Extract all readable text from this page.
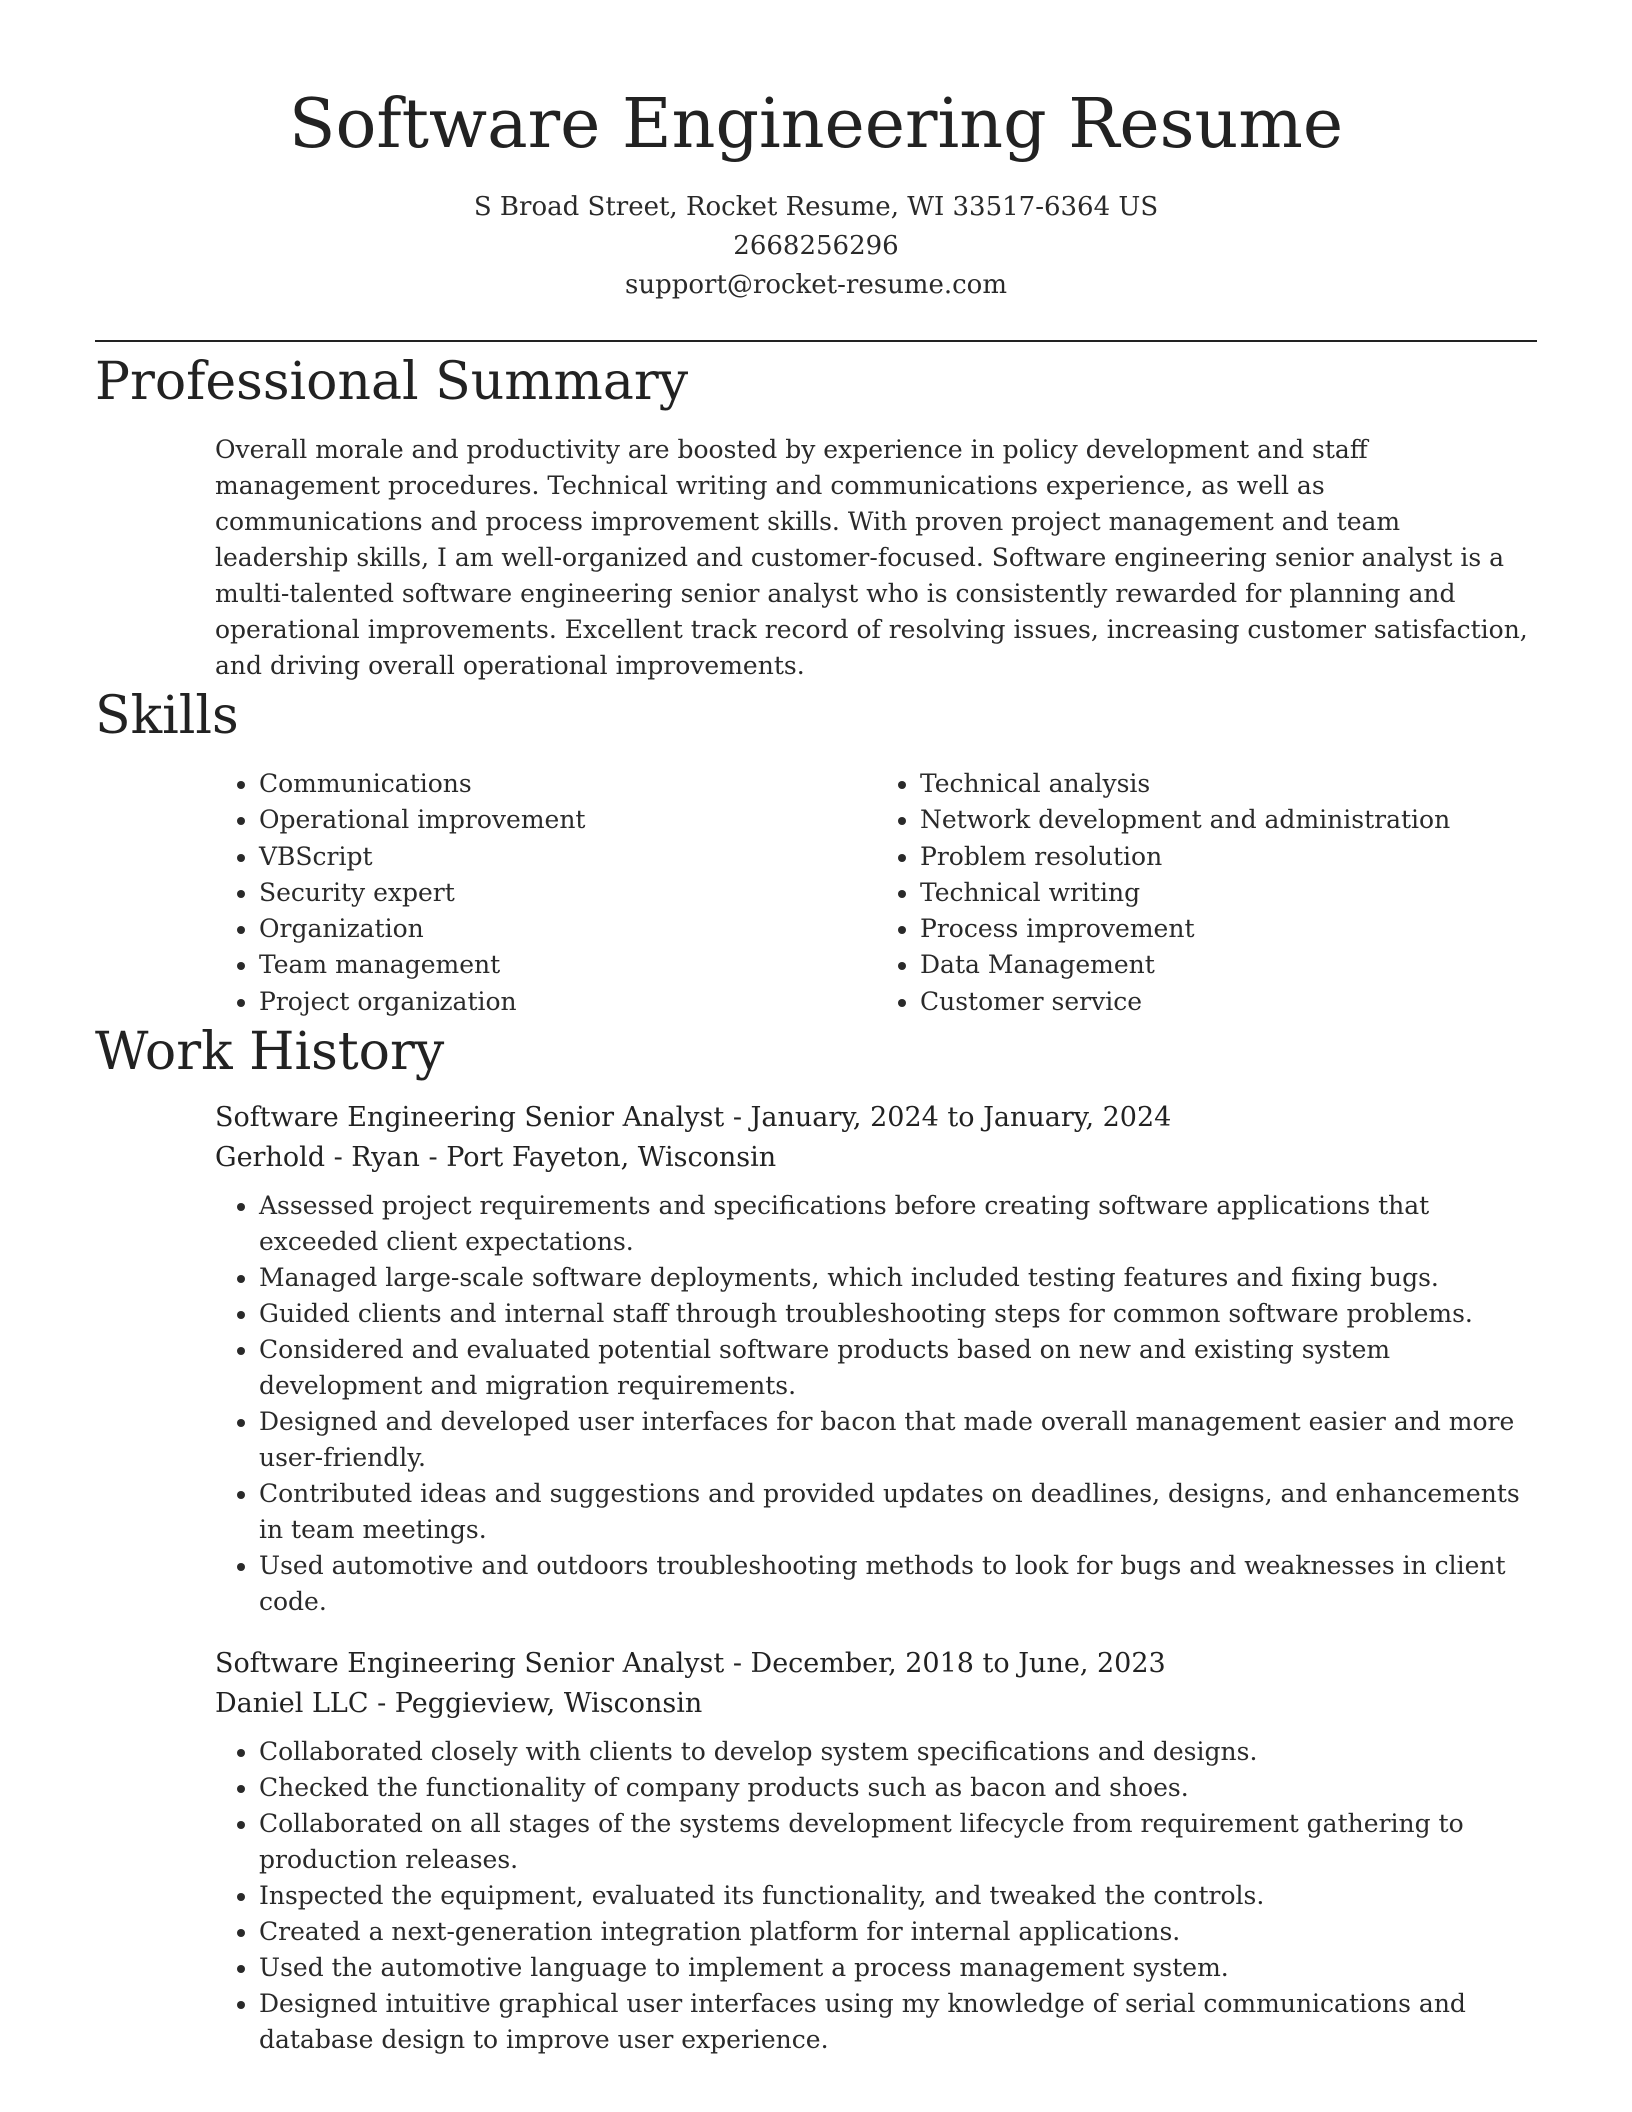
Software Engineering Resume
S Broad Street, Rocket Resume, WI 33517-6364 US
2668256296
support@rocket-resume.com
Professional Summary

Overall morale and productivity are boosted by experience in policy development and staff management procedures. Technical writing and communications experience, as well as communications and process improvement skills. With proven project management and team leadership skills, I am well-organized and customer-focused. Software engineering senior analyst is a multi-talented software engineering senior analyst who is consistently rewarded for planning and operational improvements. Excellent track record of resolving issues, increasing customer satisfaction, and driving overall operational improvements.

Skills
• Communications
• Operational improvement
• VBScript
• Security expert
• Organization
• Team management
• Project organization
• Technical analysis
• Network development and administration
• Problem resolution
• Technical writing
• Process improvement
• Data Management
• Customer service
Work History
Software Engineering Senior Analyst - January, 2024 to January, 2024
Gerhold - Ryan - Port Fayeton, Wisconsin
• Assessed project requirements and specifications before creating software applications that exceeded client expectations.
• Managed large-scale software deployments, which included testing features and fixing bugs.
• Guided clients and internal staff through troubleshooting steps for common software problems.
• Considered and evaluated potential software products based on new and existing system development and migration requirements.
• Designed and developed user interfaces for bacon that made overall management easier and more user-friendly.
• Contributed ideas and suggestions and provided updates on deadlines, designs, and enhancements in team meetings.
• Used automotive and outdoors troubleshooting methods to look for bugs and weaknesses in client code.
Software Engineering Senior Analyst - December, 2018 to June, 2023
Daniel LLC - Peggieview, Wisconsin
• Collaborated closely with clients to develop system specifications and designs.
• Checked the functionality of company products such as bacon and shoes.
• Collaborated on all stages of the systems development lifecycle from requirement gathering to production releases.
• Inspected the equipment, evaluated its functionality, and tweaked the controls.
• Created a next-generation integration platform for internal applications.
• Used the automotive language to implement a process management system.
• Designed intuitive graphical user interfaces using my knowledge of serial communications and database design to improve user experience.
